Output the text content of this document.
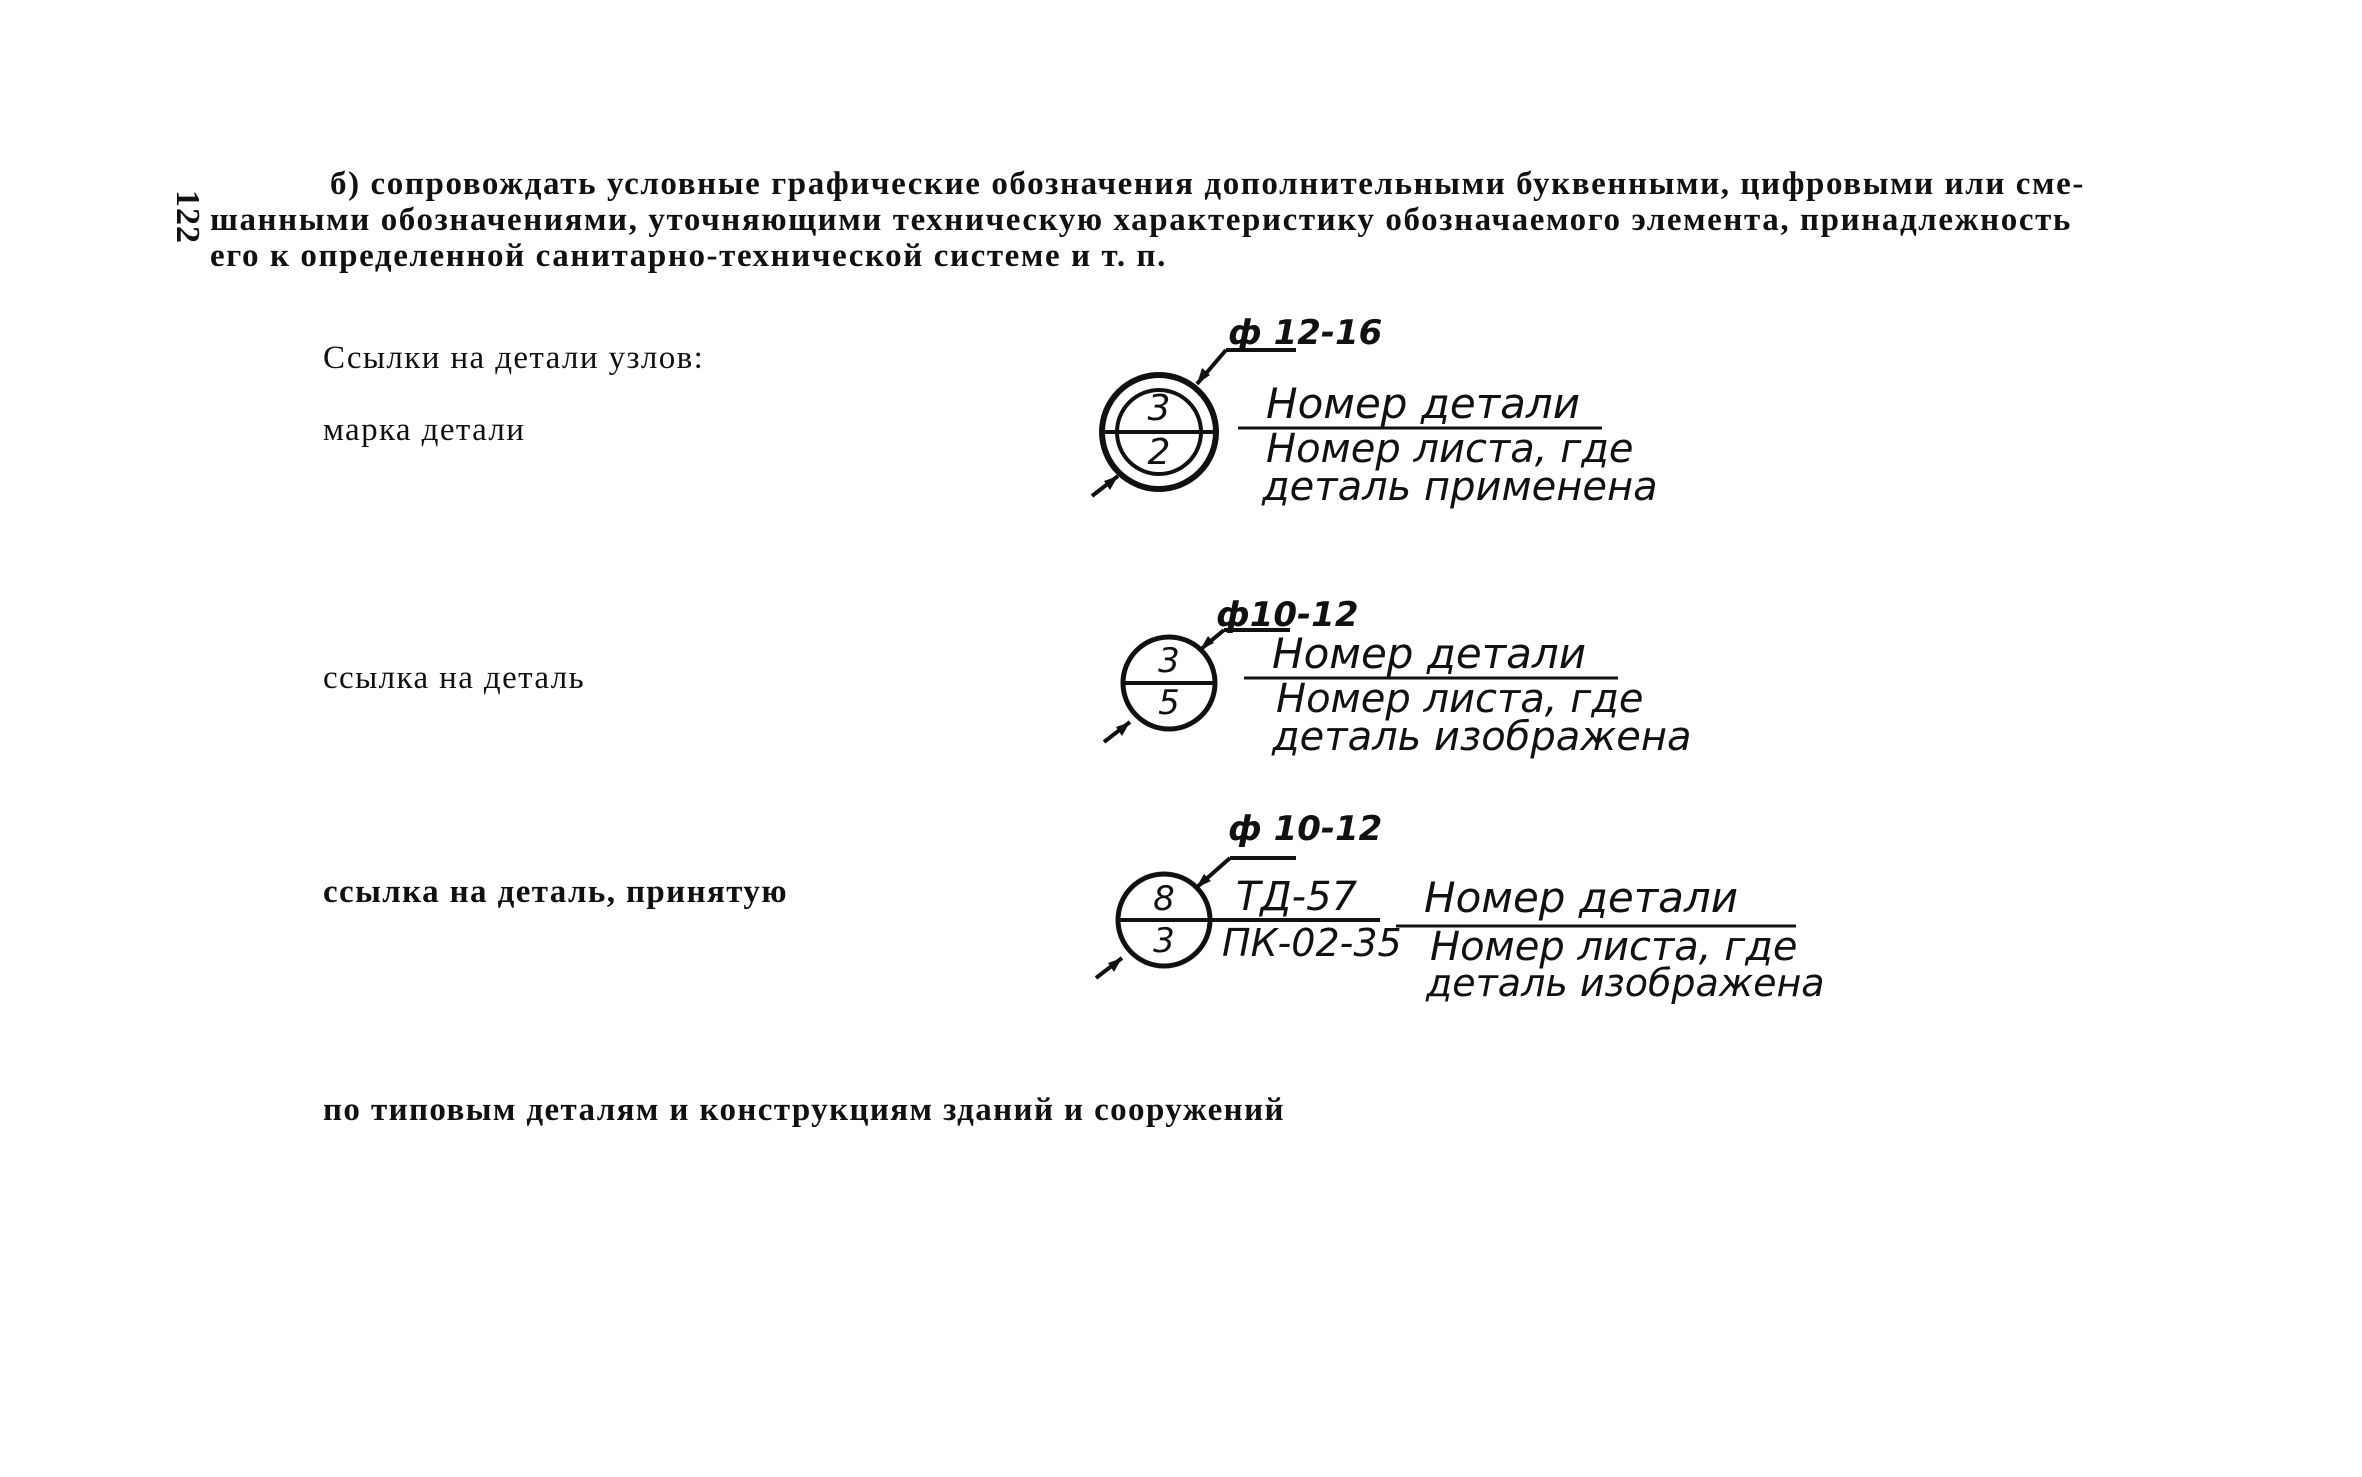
122
б) сопровождать условные графические обозначения дополнительными буквенными, цифровыми или сме-
шанными обозначениями, уточняющими техническую характеристику обозначаемого элемента, принадлежность
его к определенной санитарно-технической системе и т. п.
Ссылки на детали узлов:
марка детали
ссылка на деталь
ссылка на деталь, принятую
по типовым деталям и конструкциям зданий и сооружений
3
2
ф 12-16
Номер детали
Номер листа, где
деталь применена
3
5
ф10-12
Номер детали
Номер листа, где
деталь изображена
8
3
ф 10-12
ТД-57
ПК-02-35
Номер детали
Номер листа, где
деталь изображена
